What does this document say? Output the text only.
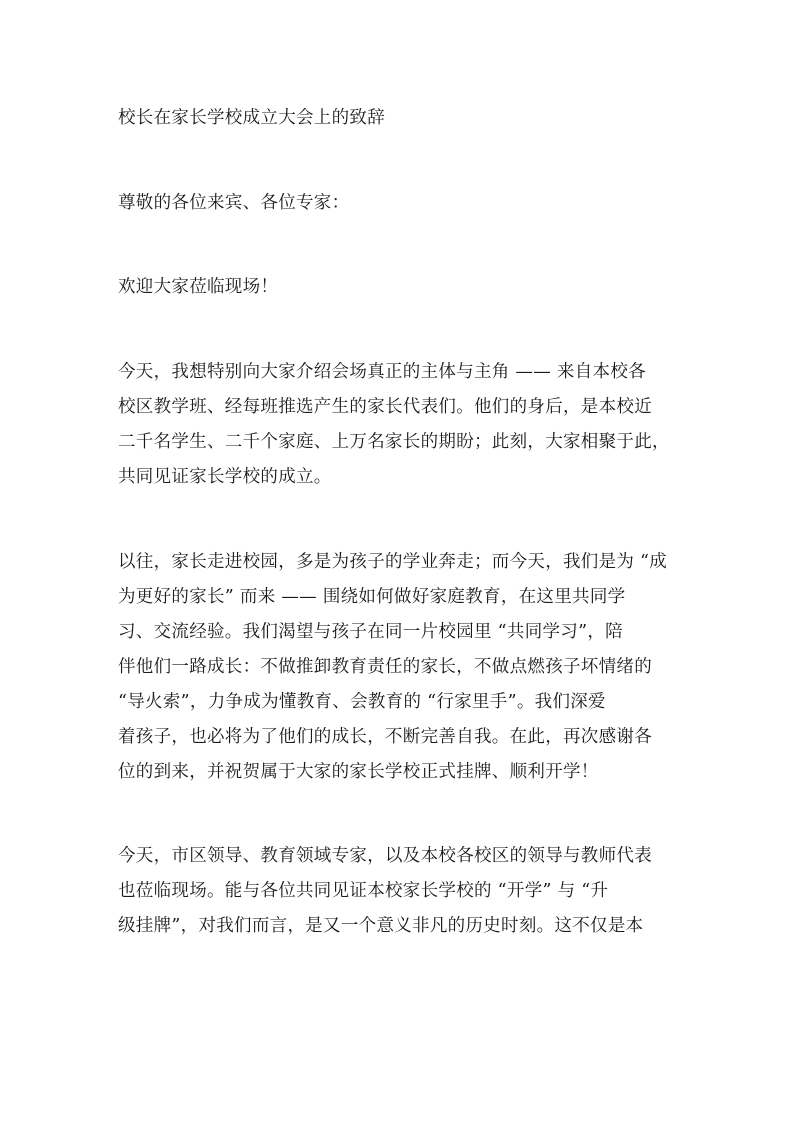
校长在家长学校成立大会上的致辞
尊敬的各位来宾、各位专家：
欢迎大家莅临现场！
今天，我想特别向大家介绍会场真正的主体与主角 —— 来自本校各
校区教学班、经每班推选产生的家长代表们。他们的身后，是本校近
二千名学生、二千个家庭、上万名家长的期盼；此刻，大家相聚于此，
共同见证家长学校的成立。
以往，家长走进校园，多是为孩子的学业奔走；而今天，我们是为 “成
为更好的家长” 而来 —— 围绕如何做好家庭教育，在这里共同学
习、交流经验。我们渴望与孩子在同一片校园里 “共同学习”，陪
伴他们一路成长：不做推卸教育责任的家长，不做点燃孩子坏情绪的
“导火索”，力争成为懂教育、会教育的 “行家里手”。我们深爱
着孩子，也必将为了他们的成长，不断完善自我。在此，再次感谢各
位的到来，并祝贺属于大家的家长学校正式挂牌、顺利开学！
今天，市区领导、教育领域专家，以及本校各校区的领导与教师代表
也莅临现场。能与各位共同见证本校家长学校的 “开学” 与 “升
级挂牌”，对我们而言，是又一个意义非凡的历史时刻。这不仅是本
